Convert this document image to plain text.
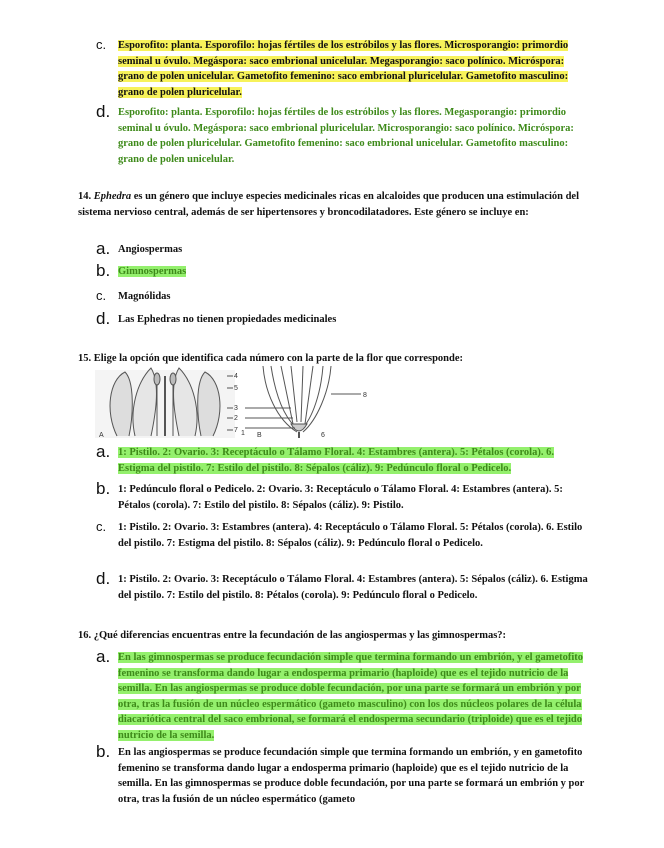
c. Esporofito: planta. Esporofilo: hojas fértiles de los estróbilos y las flores. Microsporangio: primordio seminal u óvulo. Megáspora: saco embrional unicelular. Megasporangio: saco polínico. Micróspora: grano de polen unicelular. Gametofito femenino: saco embrional pluricelular. Gametofito masculino: grano de polen pluricelular.
d. Esporofito: planta. Esporofilo: hojas fértiles de los estróbilos y las flores. Megasporangio: primordio seminal u óvulo. Megáspora: saco embrional pluricelular. Microsporangio: saco polínico. Micróspora: grano de polen pluricelular. Gametofito femenino: saco embrional unicelular. Gametofito masculino: grano de polen unicelular.
14. Ephedra es un género que incluye especies medicinales ricas en alcaloides que producen una estimulación del sistema nervioso central, además de ser hipertensores y broncodilatadores. Este género se incluye en:
a. Angiospermas
b. Gimnospermas
c. Magnólidas
d. Las Ephedras no tienen propiedades medicinales
15. Elige la opción que identifica cada número con la parte de la flor que corresponde:
4
5
3
2
7
A
8
1 B	6
a. 1: Pistilo. 2: Ovario. 3: Receptáculo o Tálamo Floral. 4: Estambres (antera). 5: Pétalos (corola). 6. Estigma del pistilo. 7: Estilo del pistilo. 8: Sépalos (cáliz). 9: Pedúnculo floral o Pedicelo.
b. 1: Pedúnculo floral o Pedicelo. 2: Ovario. 3: Receptáculo o Tálamo Floral. 4: Estambres (antera). 5: Pétalos (corola). 7: Estilo del pistilo. 8: Sépalos (cáliz). 9: Pistilo.
c. 1: Pistilo. 2: Ovario. 3: Estambres (antera). 4: Receptáculo o Tálamo Floral. 5: Pétalos (corola). 6. Estilo del pistilo. 7: Estigma del pistilo. 8: Sépalos (cáliz). 9: Pedúnculo floral o Pedicelo.
d. 1: Pistilo. 2: Ovario. 3: Receptáculo o Tálamo Floral. 4: Estambres (antera). 5: Sépalos (cáliz). 6. Estigma del pistilo. 7: Estilo del pistilo. 8: Pétalos (corola). 9: Pedúnculo floral o Pedicelo.
16. ¿Qué diferencias encuentras entre la fecundación de las angiospermas y las gimnospermas?:
a. En las gimnospermas se produce fecundación simple que termina formando un embrión, y el gametofito femenino se transforma dando lugar a endosperma primario (haploide) que es el tejido nutricio de la semilla. En las angiospermas se produce doble fecundación, por una parte se formará un embrión y por otra, tras la fusión de un núcleo espermático (gameto masculino) con los dos núcleos polares de la célula diacariótica central del saco embrional, se formará el endosperma secundario (triploide) que es el tejido nutricio de la semilla.
b. En las angiospermas se produce fecundación simple que termina formando un embrión, y en gametofito femenino se transforma dando lugar a endosperma primario (haploide) que es el tejido nutricio de la semilla. En las gimnospermas se produce doble fecundación, por una parte se formará un embrión y por otra, tras la fusión de un núcleo espermático (gameto
